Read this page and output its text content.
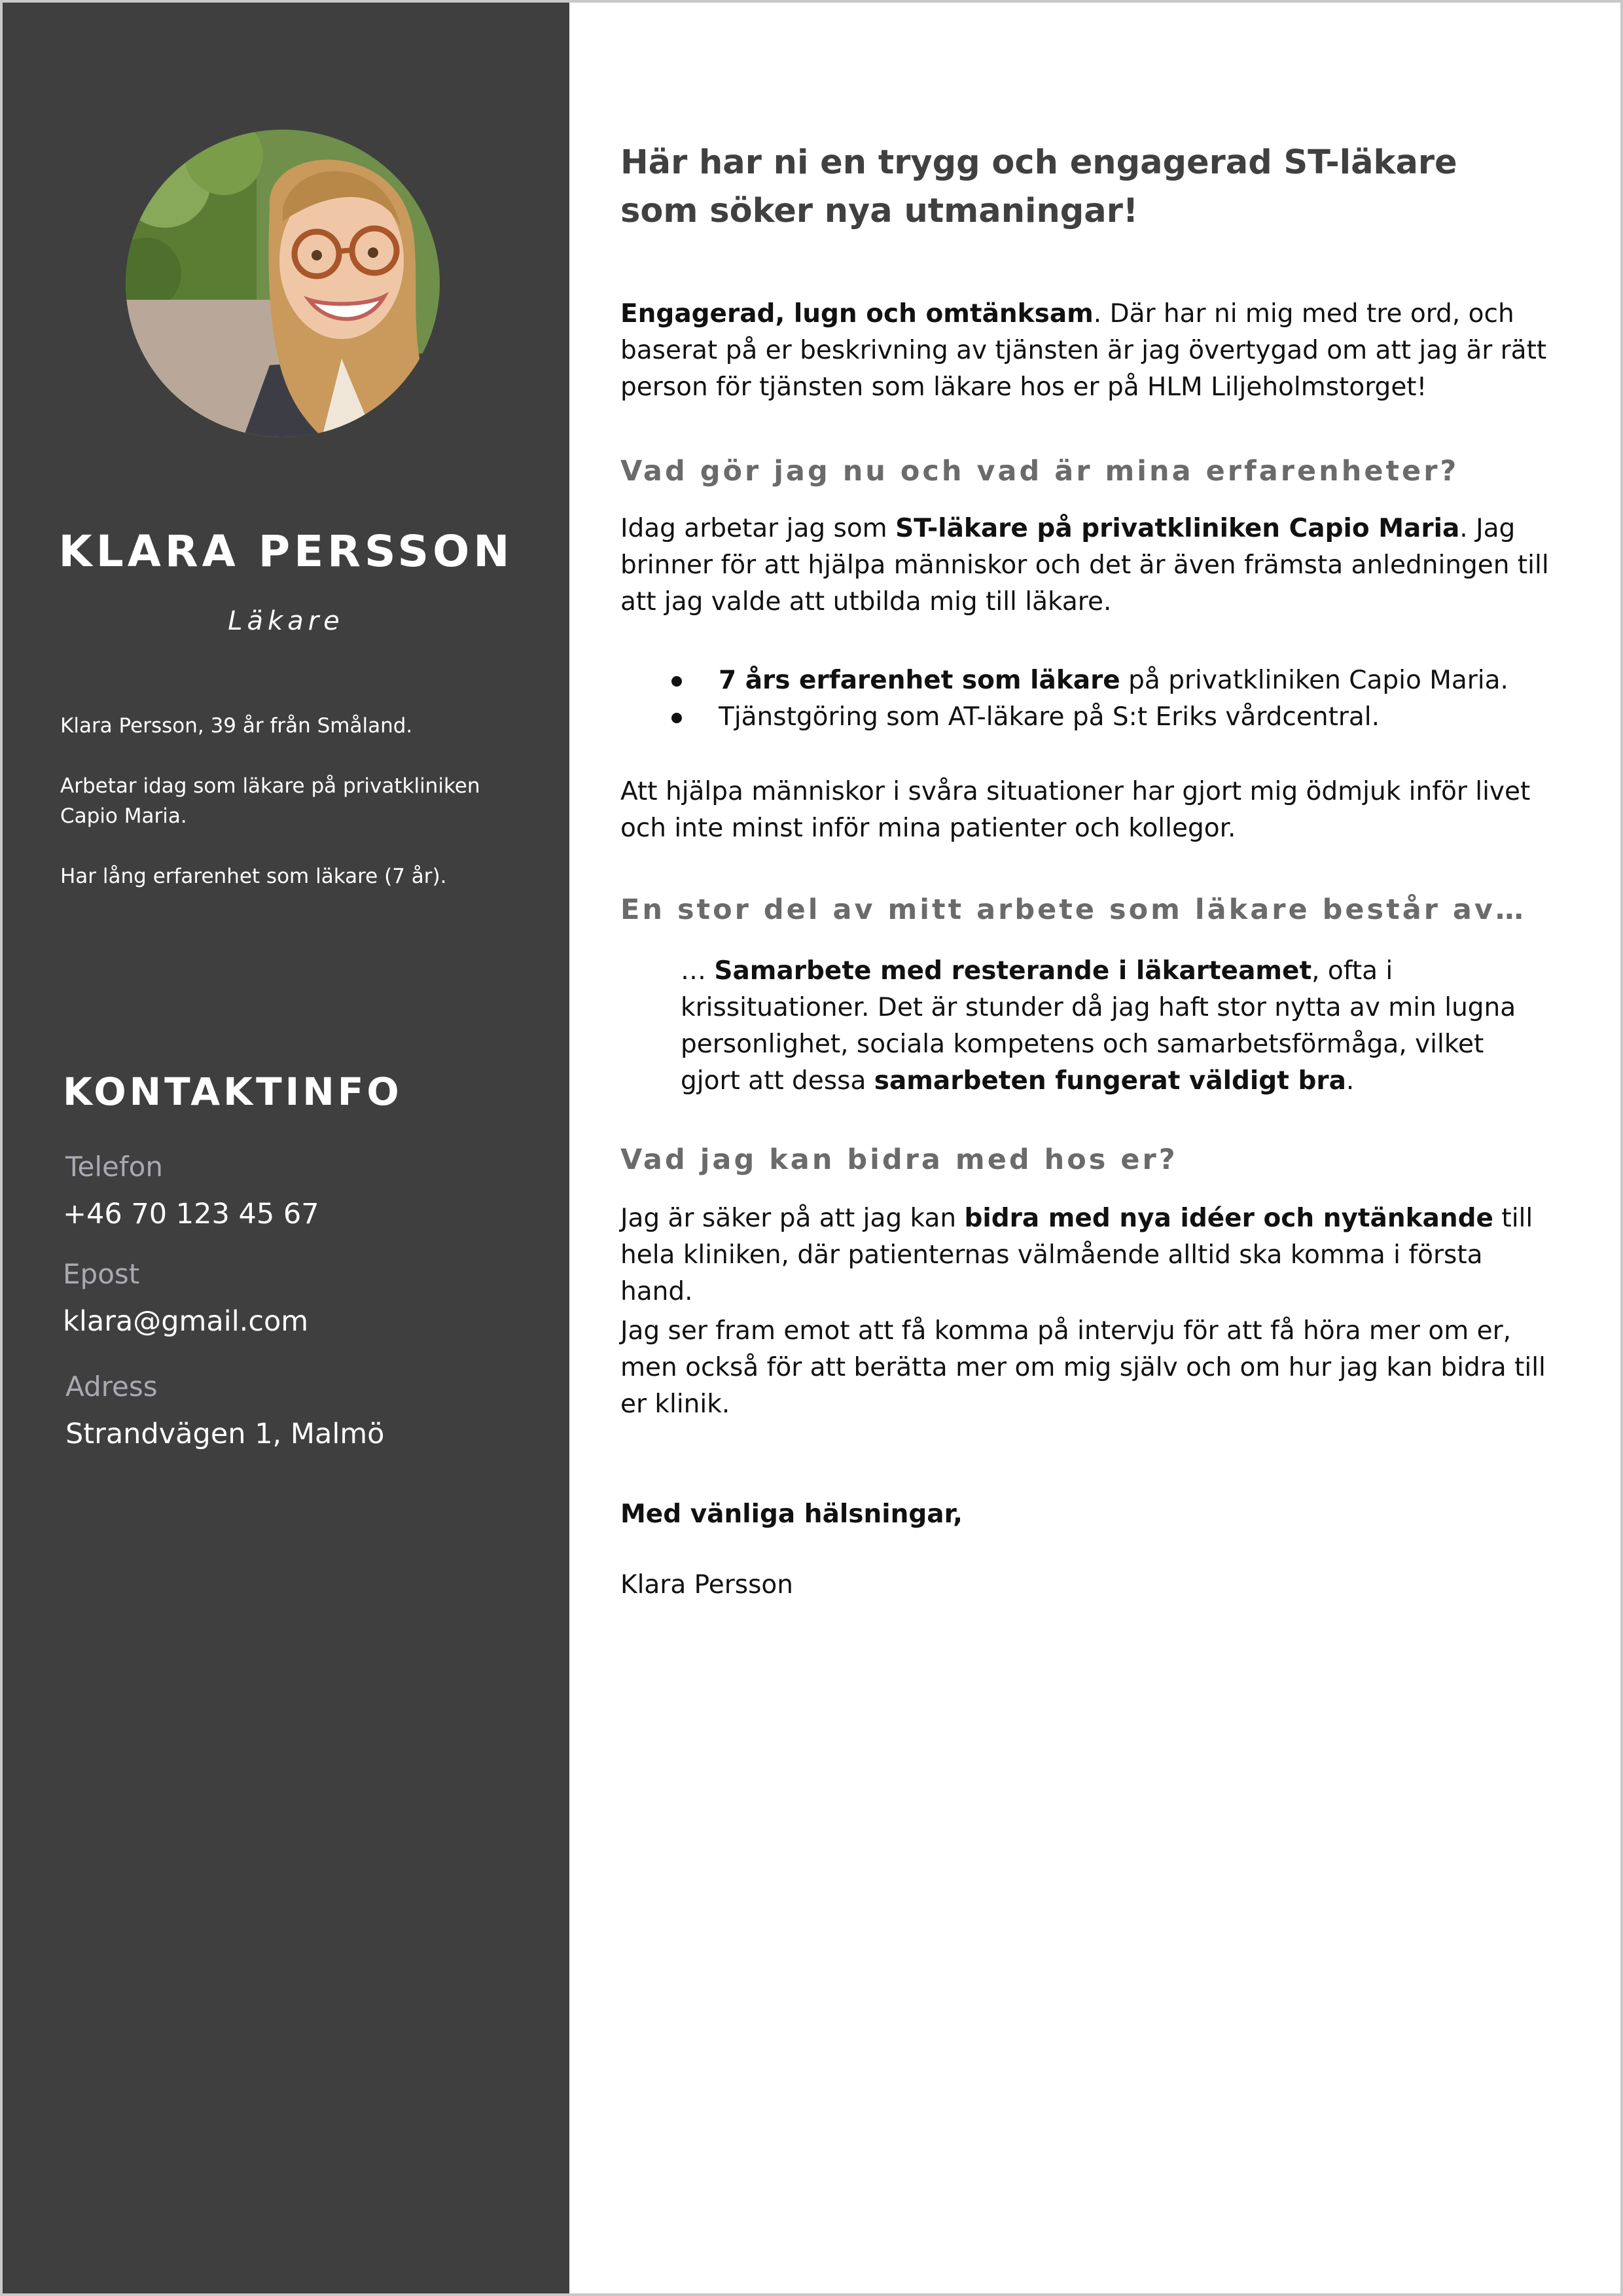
KLARA PERSSON
Läkare

Klara Persson, 39 år från Småland.

Arbetar idag som läkare på privatkliniken Capio Maria.

Har lång erfarenhet som läkare (7 år).

KONTAKTINFO
Telefon
+46 70 123 45 67
Epost
klara@gmail.com
Adress
Strandvägen 1, Malmö
Här har ni en trygg och engagerad ST-läkare
som söker nya utmaningar!

Engagerad, lugn och omtänksam. Där har ni mig med tre ord, och baserat på er beskrivning av tjänsten är jag övertygad om att jag är rätt person för tjänsten som läkare hos er på HLM Liljeholmstorget!

Vad gör jag nu och vad är mina erfarenheter?

Idag arbetar jag som ST-läkare på privatkliniken Capio Maria. Jag brinner för att hjälpa människor och det är även främsta anledningen till att jag valde att utbilda mig till läkare.

7 års erfarenhet som läkare på privatkliniken Capio Maria.
Tjänstgöring som AT-läkare på S:t Eriks vårdcentral.

Att hjälpa människor i svåra situationer har gjort mig ödmjuk inför livet och inte minst inför mina patienter och kollegor.

En stor del av mitt arbete som läkare består av…

… Samarbete med resterande i läkarteamet, ofta i krissituationer. Det är stunder då jag haft stor nytta av min lugna personlighet, sociala kompetens och samarbetsförmåga, vilket gjort att dessa samarbeten fungerat väldigt bra.

Vad jag kan bidra med hos er?

Jag är säker på att jag kan bidra med nya idéer och nytänkande till hela kliniken, där patienternas välmående alltid ska komma i första hand.

Jag ser fram emot att få komma på intervju för att få höra mer om er, men också för att berätta mer om mig själv och om hur jag kan bidra till er klinik.

Med vänliga hälsningar,

Klara Persson
